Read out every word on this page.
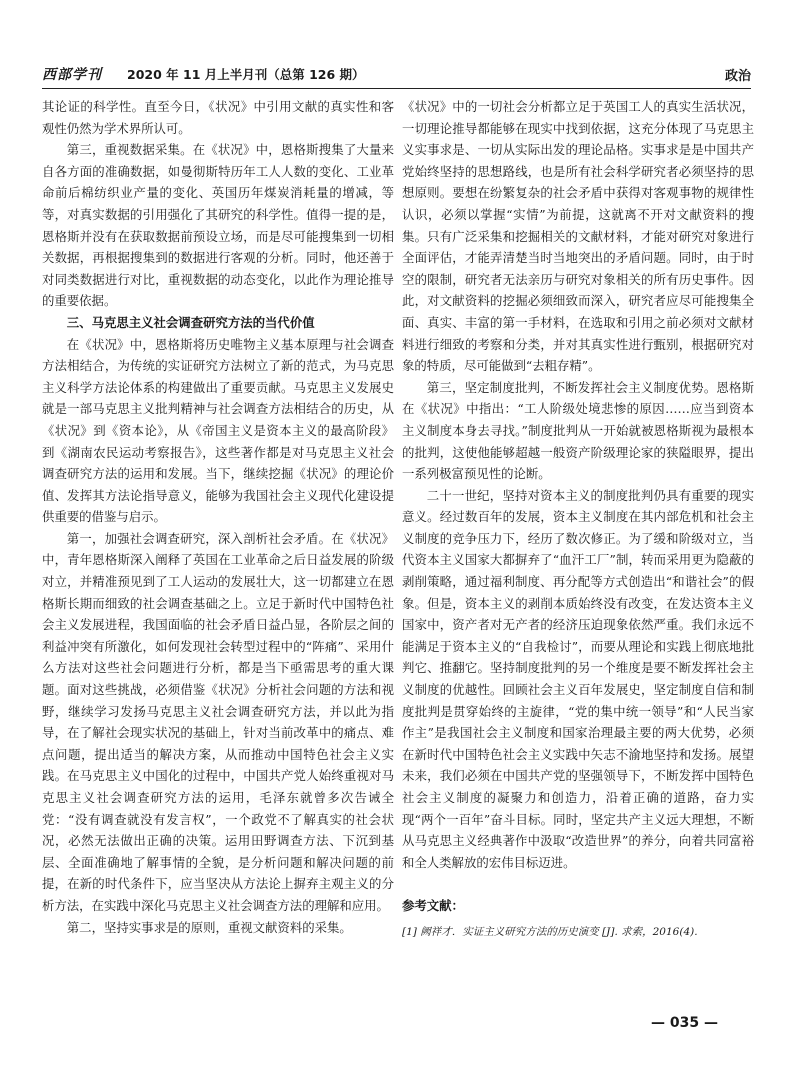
西部学刊 2020 年 11 月上半月刊（总第 126 期）	政治

其论证的科学性。直至今日，《状况》中引用文献的真实性和客观性仍然为学术界所认可。

第三，重视数据采集。在《状况》中，恩格斯搜集了大量来自各方面的准确数据，如曼彻斯特历年工人人数的变化、工业革命前后棉纺织业产量的变化、英国历年煤炭消耗量的增减，等等，对真实数据的引用强化了其研究的科学性。值得一提的是，恩格斯并没有在获取数据前预设立场，而是尽可能搜集到一切相关数据，再根据搜集到的数据进行客观的分析。同时，他还善于对同类数据进行对比，重视数据的动态变化，以此作为理论推导的重要依据。

三、马克思主义社会调查研究方法的当代价值

在《状况》中，恩格斯将历史唯物主义基本原理与社会调查方法相结合，为传统的实证研究方法树立了新的范式，为马克思主义科学方法论体系的构建做出了重要贡献。马克思主义发展史就是一部马克思主义批判精神与社会调查方法相结合的历史，从《状况》到《资本论》，从《帝国主义是资本主义的最高阶段》到《湖南农民运动考察报告》，这些著作都是对马克思主义社会调查研究方法的运用和发展。当下，继续挖掘《状况》的理论价值、发挥其方法论指导意义，能够为我国社会主义现代化建设提供重要的借鉴与启示。

第一，加强社会调查研究，深入剖析社会矛盾。在《状况》中，青年恩格斯深入阐释了英国在工业革命之后日益发展的阶级对立，并精准预见到了工人运动的发展壮大，这一切都建立在恩格斯长期而细致的社会调查基础之上。立足于新时代中国特色社会主义发展进程，我国面临的社会矛盾日益凸显，各阶层之间的利益冲突有所激化，如何发现社会转型过程中的“阵痛”、采用什么方法对这些社会问题进行分析，都是当下亟需思考的重大课题。面对这些挑战，必须借鉴《状况》分析社会问题的方法和视野，继续学习发扬马克思主义社会调查研究方法，并以此为指导，在了解社会现实状况的基础上，针对当前改革中的痛点、难点问题，提出适当的解决方案，从而推动中国特色社会主义实践。在马克思主义中国化的过程中，中国共产党人始终重视对马克思主义社会调查研究方法的运用，毛泽东就曾多次告诫全党：“没有调查就没有发言权”，一个政党不了解真实的社会状况，必然无法做出正确的决策。运用田野调查方法、下沉到基层、全面准确地了解事情的全貌，是分析问题和解决问题的前提，在新的时代条件下，应当坚决从方法论上摒弃主观主义的分析方法，在实践中深化马克思主义社会调查方法的理解和应用。

第二，坚持实事求是的原则，重视文献资料的采集。

《状况》中的一切社会分析都立足于英国工人的真实生活状况，一切理论推导都能够在现实中找到依据，这充分体现了马克思主义实事求是、一切从实际出发的理论品格。实事求是是中国共产党始终坚持的思想路线，也是所有社会科学研究者必须坚持的思想原则。要想在纷繁复杂的社会矛盾中获得对客观事物的规律性认识，必须以掌握“实情”为前提，这就离不开对文献资料的搜集。只有广泛采集和挖掘相关的文献材料，才能对研究对象进行全面评估，才能弄清楚当时当地突出的矛盾问题。同时，由于时空的限制，研究者无法亲历与研究对象相关的所有历史事件。因此，对文献资料的挖掘必须细致而深入，研究者应尽可能搜集全面、真实、丰富的第一手材料，在选取和引用之前必须对文献材料进行细致的考察和分类，并对其真实性进行甄别，根据研究对象的特质，尽可能做到“去粗存精”。

第三，坚定制度批判，不断发挥社会主义制度优势。恩格斯在《状况》中指出：“工人阶级处境悲惨的原因……应当到资本主义制度本身去寻找。”制度批判从一开始就被恩格斯视为最根本的批判，这使他能够超越一般资产阶级理论家的狭隘眼界，提出一系列极富预见性的论断。

二十一世纪，坚持对资本主义的制度批判仍具有重要的现实意义。经过数百年的发展，资本主义制度在其内部危机和社会主义制度的竞争压力下，经历了数次修正。为了缓和阶级对立，当代资本主义国家大都摒弃了“血汗工厂”制，转而采用更为隐蔽的剥削策略，通过福利制度、再分配等方式创造出“和谐社会”的假象。但是，资本主义的剥削本质始终没有改变，在发达资本主义国家中，资产者对无产者的经济压迫现象依然严重。我们永远不能满足于资本主义的“自我检讨”，而要从理论和实践上彻底地批判它、推翻它。坚持制度批判的另一个维度是要不断发挥社会主义制度的优越性。回顾社会主义百年发展史，坚定制度自信和制度批判是贯穿始终的主旋律，“党的集中统一领导”和“人民当家作主”是我国社会主义制度和国家治理最主要的两大优势，必须在新时代中国特色社会主义实践中矢志不渝地坚持和发扬。展望未来，我们必须在中国共产党的坚强领导下，不断发挥中国特色社会主义制度的凝聚力和创造力，沿着正确的道路，奋力实现“两个一百年”奋斗目标。同时，坚定共产主义远大理想，不断从马克思主义经典著作中汲取“改造世界”的养分，向着共同富裕和全人类解放的宏伟目标迈进。

参考文献：

[1] 阙祥才．实证主义研究方法的历史演变 [J]. 求索，2016(4).

— 035 —
